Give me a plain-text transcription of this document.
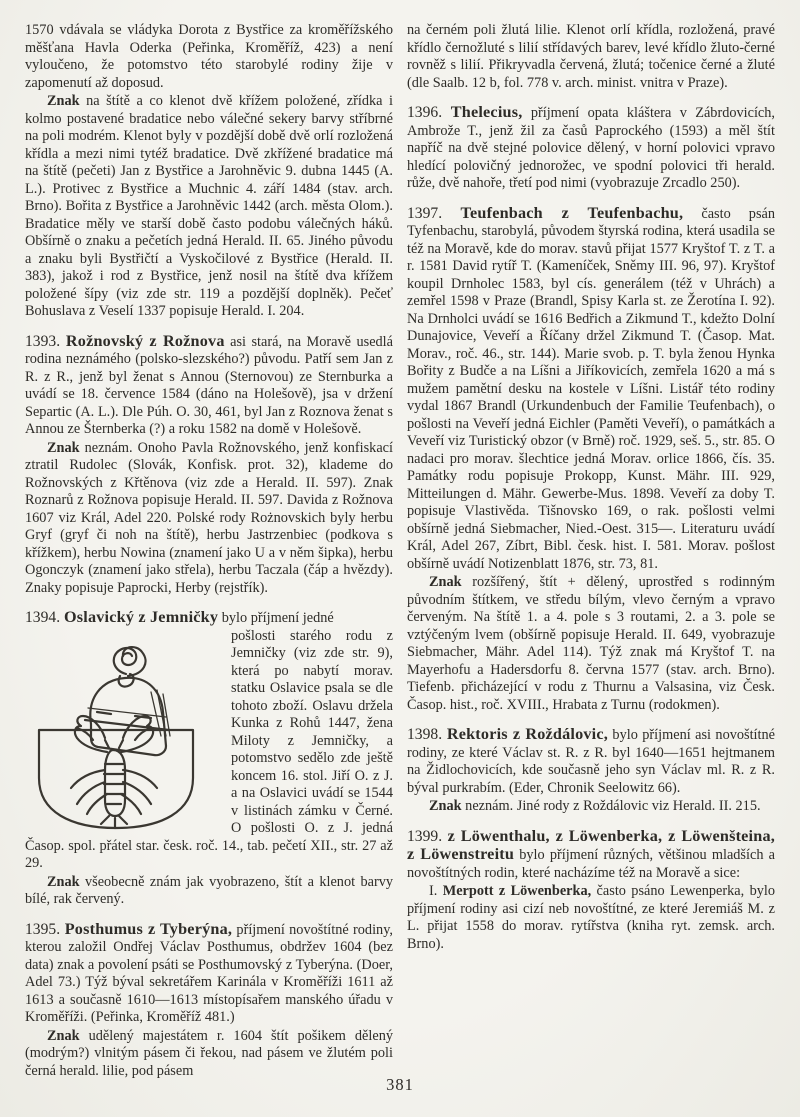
1570 vdávala se vládyka Dorota z Bystřice za kroměřížského měšťana Havla Oderka (Peřinka, Kroměříž, 423) a není vyloučeno, že potomstvo této starobylé rodiny žije v zapomenutí až doposud.

Znak na štítě a co klenot dvě křížem položené, zřídka i kolmo postavené bradatice nebo válečné sekery barvy stříbrné na poli modrém. Klenot byly v pozdější době dvě orlí rozložená křídla a mezi nimi tytéž bradatice. Dvě zkřížené bradatice má na štítě (pečeti) Jan z Bystřice a Jarohněvic 9. dubna 1445 (A. L.). Protivec z Bystřice a Muchnic 4. září 1484 (stav. arch. Brno). Bořita z Bystřice a Jarohněvic 1442 (arch. města Olom.). Bradatice měly ve starší době často podobu válečných háků. Obšírně o znaku a pečetích jedná Herald. II. 65. Jiného původu a znaku byli Bystřičtí a Vyskočilové z Bystřice (Herald. II. 383), jakož i rod z Bystřice, jenž nosil na štítě dva křížem položené šípy (viz zde str. 119 a pozdější doplněk). Pečeť Bohuslava z Veselí 1337 popisuje Herald. I. 204.

1393. Rožnovský z Rožnova asi stará, na Moravě usedlá rodina neznámého (polsko-slezského?) původu. Patří sem Jan z R. z R., jenž byl ženat s Annou (Sternovou) ze Sternburka a uvádí se 18. července 1584 (dáno na Holešově), jsa v držení Separtic (A. L.). Dle Púh. O. 30, 461, byl Jan z Roznova ženat s Annou ze Šternberka (?) a roku 1582 na domě v Holešově.

Znak neznám. Onoho Pavla Rožnovského, jenž konfiskací ztratil Rudolec (Slovák, Konfisk. prot. 32), klademe do Rožnovských z Křtěnova (viz zde a Herald. II. 597). Znak Roznarů z Rožnova popisuje Herald. II. 597. Davida z Rožnova 1607 viz Král, Adel 220. Polské rody Rożnovskich byly herbu Gryf (gryf či noh na štítě), herbu Jastrzenbiec (podkova s křížkem), herbu Nowina (znamení jako U a v něm šipka), herbu Ogonczyk (znamení jako střela), herbu Taczala (čáp a hvězdy). Znaky popisuje Paprocki, Herby (rejstřík).

1394. Oslavický z Jemničky bylo příjmení jedné

pošlosti starého rodu z Jemničky (viz zde str. 9), která po nabytí morav. statku Oslavice psala se dle tohoto zboží. Oslavu držela Kunka z Rohů 1447, žena Miloty z Jemničky, a potomstvo sedělo zde ještě koncem 16. stol. Jiří O. z J. a na Oslavici uvádí se 1544 v listinách zámku v Černé. O pošlosti O. z J. jedná Časop. spol. přátel star. česk. roč. 14., tab. pečetí XII., str. 27 až 29.

Znak všeobecně znám jak vyobrazeno, štít a klenot barvy bílé, rak červený.

1395. Posthumus z Tyberýna, příjmení novoštítné rodiny, kterou založil Ondřej Václav Posthumus, obdržev 1604 (bez data) znak a povolení psáti se Posthumovský z Tyberýna. (Doer, Adel 73.) Týž býval sekretářem Karinála v Kroměříži 1611 až 1613 a současně 1610—1613 místopísařem manského úřadu v Kroměříži. (Peřinka, Kroměříž 481.)

Znak udělený majestátem r. 1604 štít pošikem dělený (modrým?) vlnitým pásem či řekou, nad pásem ve žlutém poli černá herald. lilie, pod pásem

na černém poli žlutá lilie. Klenot orlí křídla, rozložená, pravé křídlo černožluté s lilií střídavých barev, levé křídlo žluto-černé rovněž s lilií. Přikryvadla červená, žlutá; točenice černé a žluté (dle Saalb. 12 b, fol. 778 v. arch. minist. vnitra v Praze).

1396. Thelecius, příjmení opata kláštera v Zábrdovicích, Ambrože T., jenž žil za časů Paprockého (1593) a měl štít napříč na dvě stejné polovice dělený, v horní polovici vpravo hledící polovičný jednorožec, ve spodní polovici tři herald. růže, dvě nahoře, třetí pod nimi (vyobrazuje Zrcadlo 250).

1397. Teufenbach z Teufenbachu, často psán Tyfenbachu, starobylá, původem štyrská rodina, která usadila se též na Moravě, kde do morav. stavů přijat 1577 Kryštof T. z T. a r. 1581 David rytíř T. (Kameníček, Sněmy III. 96, 97). Kryštof koupil Drnholec 1583, byl cís. generálem (též v Uhrách) a zemřel 1598 v Praze (Brandl, Spisy Karla st. ze Žerotína I. 92). Na Drnholci uvádí se 1616 Bedřich a Zikmund T., kdežto Dolní Dunajovice, Veveří a Říčany držel Zikmund T. (Časop. Mat. Morav., roč. 46., str. 144). Marie svob. p. T. byla ženou Hynka Bořity z Budče a na Líšni a Jiříkovicích, zemřela 1620 a má s mužem pamětní desku na kostele v Líšni. Listář této rodiny vydal 1867 Brandl (Urkundenbuch der Familie Teufenbach), o pošlosti na Veveří jedná Eichler (Paměti Veveří), o památkách a Veveří viz Turistický obzor (v Brně) roč. 1929, seš. 5., str. 85. O nadaci pro morav. šlechtice jedná Morav. orlice 1866, čís. 35. Památky rodu popisuje Prokopp, Kunst. Mähr. III. 929, Mitteilungen d. Mähr. Gewerbe-Mus. 1898. Veveří za doby T. popisuje Vlastivěda. Tišnovsko 169, o rak. pošlosti velmi obšírně jedná Siebmacher, Nied.-Oest. 315—. Literaturu uvádí Král, Adel 267, Zíbrt, Bibl. česk. hist. I. 581. Morav. pošlost obšírně uvádí Notizenblatt 1876, str. 73, 81.

Znak rozšířený, štít + dělený, uprostřed s rodinným původním štítkem, ve středu bílým, vlevo černým a vpravo červeným. Na štítě 1. a 4. pole s 3 routami, 2. a 3. pole se vztýčeným lvem (obšírně popisuje Herald. II. 649, vyobrazuje Siebmacher, Mähr. Adel 114). Týž znak má Kryštof T. na Mayerhofu a Hadersdorfu 8. června 1577 (stav. arch. Brno). Tiefenb. přicházející v rodu z Thurnu a Valsasina, viz Česk. Časop. hist., roč. XVIII., Hrabata z Turnu (rodokmen).

1398. Rektoris z Roždálovic, bylo příjmení asi novoštítné rodiny, ze které Václav st. R. z R. byl 1640—1651 hejtmanem na Židlochovicích, kde současně jeho syn Václav ml. R. z R. býval purkrabím. (Eder, Chronik Seelowitz 66).

Znak neznám. Jiné rody z Roždálovic viz Herald. II. 215.

1399. z Löwenthalu, z Löwenberka, z Löwenšteina, z Löwenstreitu bylo příjmení různých, většinou mladších a novoštítných rodin, které nacházíme též na Moravě a sice:

I. Merpott z Löwenberka, často psáno Lewenperka, bylo příjmení rodiny asi cizí neb novoštítné, ze které Jeremiáš M. z L. přijat 1558 do morav. rytířstva (kniha ryt. zemsk. arch. Brno).

381
